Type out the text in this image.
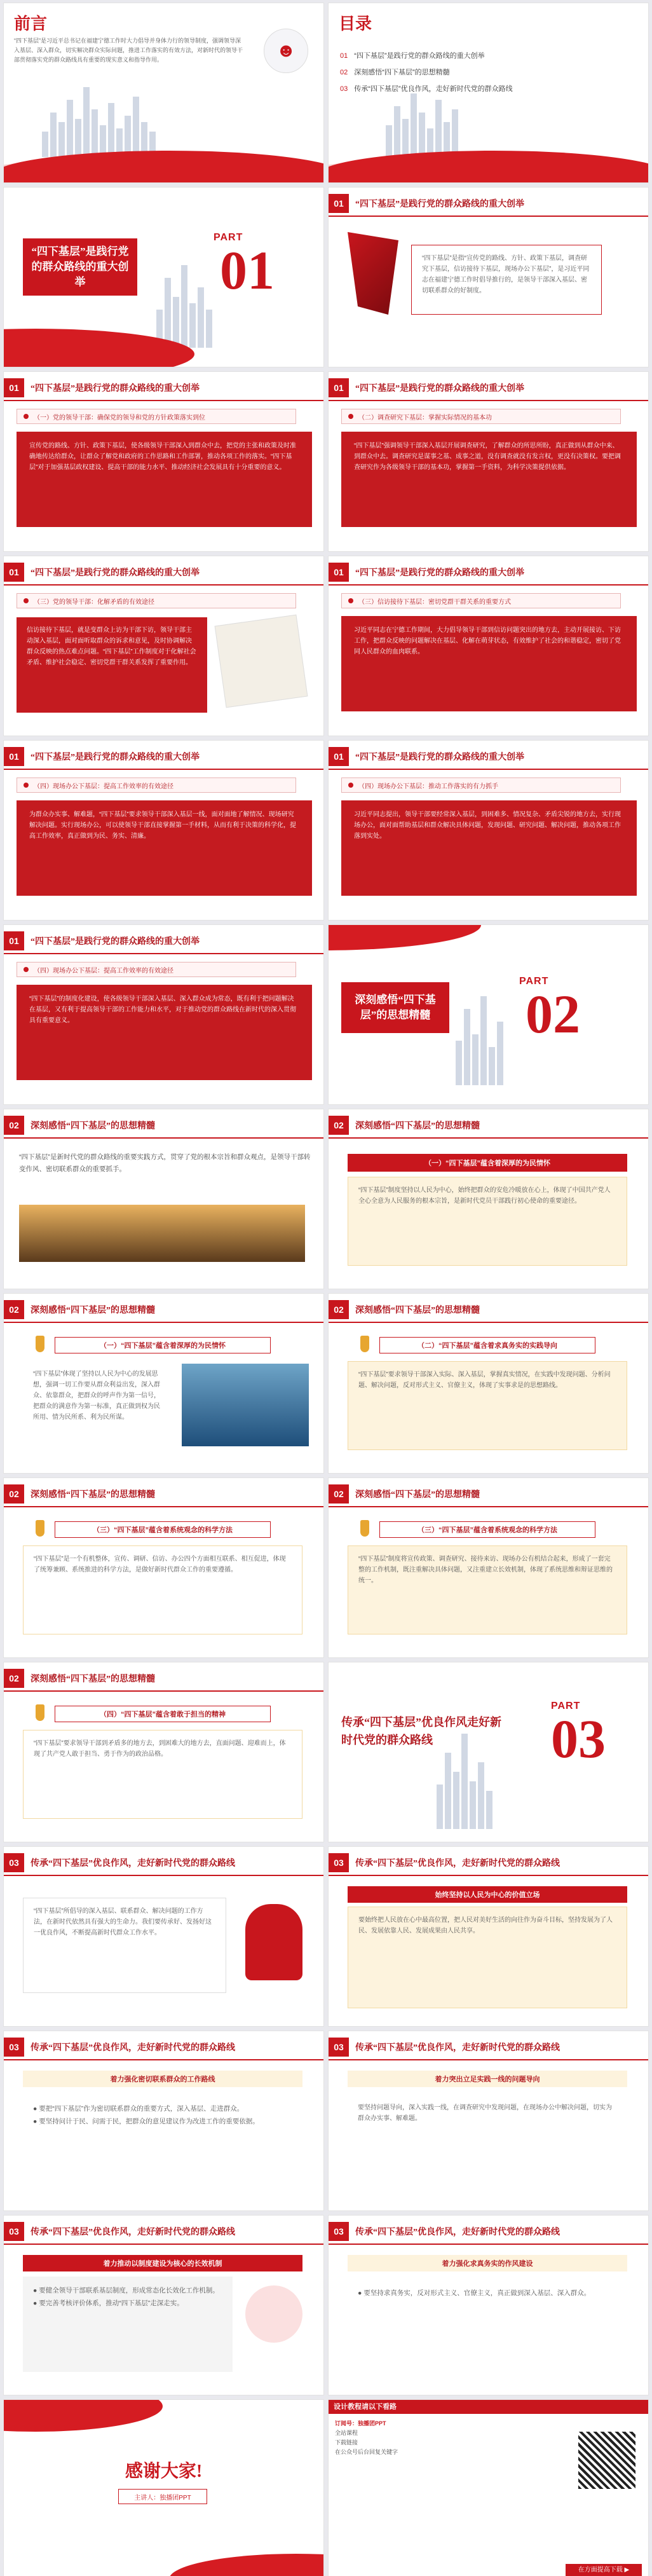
前言
“四下基层”是习近平总书记在福建宁德工作时大力倡导并身体力行的领导制度，强调领导深入基层、深入群众，切实解决群众实际问题，推进工作落实的有效方法，对新时代的领导干部贯彻落实党的群众路线具有重要的现实意义和指导作用。	☻
目录
01 “四下基层”是践行党的群众路线的重大创举
02 深刻感悟“四下基层”的思想精髓
03 传承“四下基层”优良作风，走好新时代党的群众路线
“四下基层”是践行党的群众路线的重大创举
PART
01
01	“四下基层”是践行党的群众路线的重大创举
“四下基层”是指“宣传党的路线、方针、政策下基层，调查研究下基层，信访接待下基层，现场办公下基层”，是习近平同志在福建宁德工作时倡导推行的，是领导干部深入基层、密切联系群众的好制度。
01	“四下基层”是践行党的群众路线的重大创举
（一）党的领导干部：确保党的领导和党的方针政策落实到位
宣传党的路线、方针、政策下基层，使各级领导干部深入到群众中去，把党的主张和政策及时准确地传达给群众，让群众了解党和政府的工作思路和工作部署，推动各项工作的落实。“四下基层”对于加强基层政权建设、提高干部的能力水平、推动经济社会发展具有十分重要的意义。
01	“四下基层”是践行党的群众路线的重大创举
（二）调查研究下基层：掌握实际情况的基本功
“四下基层”强调领导干部深入基层开展调查研究，了解群众的所思所盼，真正做到从群众中来、到群众中去。调查研究是谋事之基、成事之道，没有调查就没有发言权，更没有决策权。要把调查研究作为各级领导干部的基本功，掌握第一手资料，为科学决策提供依据。
01	“四下基层”是践行党的群众路线的重大创举
（三）党的领导干部：化解矛盾的有效途径
信访接待下基层，就是变群众上访为干部下访，领导干部主动深入基层，面对面听取群众的诉求和意见，及时协调解决群众反映的热点难点问题。“四下基层”工作制度对于化解社会矛盾、维护社会稳定、密切党群干群关系发挥了重要作用。
01	“四下基层”是践行党的群众路线的重大创举
（三）信访接待下基层：密切党群干群关系的重要方式
习近平同志在宁德工作期间，大力倡导领导干部到信访问题突出的地方去，主动开展接访、下访工作，把群众反映的问题解决在基层、化解在萌芽状态，有效维护了社会的和谐稳定，密切了党同人民群众的血肉联系。
01	“四下基层”是践行党的群众路线的重大创举
（四）现场办公下基层：提高工作效率的有效途径
为群众办实事、解难题，“四下基层”要求领导干部深入基层一线，面对面地了解情况、现场研究解决问题。实行现场办公，可以使领导干部直接掌握第一手材料，从而有利于决策的科学化，提高工作效率，真正做到为民、务实、清廉。
01	“四下基层”是践行党的群众路线的重大创举
（四）现场办公下基层：推动工作落实的有力抓手
习近平同志提出，领导干部要经常深入基层，到困难多、情况复杂、矛盾尖锐的地方去，实行现场办公，面对面帮助基层和群众解决具体问题，发现问题、研究问题、解决问题，推动各项工作落到实处。
01	“四下基层”是践行党的群众路线的重大创举
（四）现场办公下基层：提高工作效率的有效途径
“四下基层”的制度化建设，使各级领导干部深入基层、深入群众成为常态，既有利于把问题解决在基层，又有利于提高领导干部的工作能力和水平，对于推动党的群众路线在新时代的深入贯彻具有重要意义。
深刻感悟“四下基层”的思想精髓
PART
02
02	深刻感悟“四下基层”的思想精髓
“四下基层”是新时代党的群众路线的重要实践方式，贯穿了党的根本宗旨和群众观点，是领导干部转变作风、密切联系群众的重要抓手。
02	深刻感悟“四下基层”的思想精髓
（一）“四下基层”蕴含着深厚的为民情怀
“四下基层”制度坚持以人民为中心，始终把群众的安危冷暖放在心上，体现了中国共产党人全心全意为人民服务的根本宗旨，是新时代党员干部践行初心使命的重要途径。
02	深刻感悟“四下基层”的思想精髓
（一）“四下基层”蕴含着深厚的为民情怀
“四下基层”体现了坚持以人民为中心的发展思想，强调一切工作要从群众利益出发，深入群众、依靠群众，把群众的呼声作为第一信号，把群众的满意作为第一标准，真正做到权为民所用、情为民所系、利为民所谋。
02	深刻感悟“四下基层”的思想精髓
（二）“四下基层”蕴含着求真务实的实践导向
“四下基层”要求领导干部深入实际、深入基层，掌握真实情况，在实践中发现问题、分析问题、解决问题，反对形式主义、官僚主义，体现了实事求是的思想路线。
02	深刻感悟“四下基层”的思想精髓
（三）“四下基层”蕴含着系统观念的科学方法
“四下基层”是一个有机整体，宣传、调研、信访、办公四个方面相互联系、相互促进，体现了统筹兼顾、系统推进的科学方法，是做好新时代群众工作的重要遵循。
02	深刻感悟“四下基层”的思想精髓
（三）“四下基层”蕴含着系统观念的科学方法
“四下基层”制度将宣传政策、调查研究、接待来访、现场办公有机结合起来，形成了一套完整的工作机制，既注重解决具体问题，又注重建立长效机制，体现了系统思维和辩证思维的统一。
02	深刻感悟“四下基层”的思想精髓
（四）“四下基层”蕴含着敢于担当的精神
“四下基层”要求领导干部到矛盾多的地方去，到困难大的地方去，直面问题、迎难而上，体现了共产党人敢于担当、勇于作为的政治品格。
传承“四下基层”优良作风走好新时代党的群众路线
PART
03
03	传承“四下基层”优良作风，走好新时代党的群众路线
“四下基层”所倡导的深入基层、联系群众、解决问题的工作方法，在新时代依然具有强大的生命力。我们要传承好、发扬好这一优良作风，不断提高新时代群众工作水平。
03	传承“四下基层”优良作风，走好新时代党的群众路线
始终坚持以人民为中心的价值立场
要始终把人民放在心中最高位置，把人民对美好生活的向往作为奋斗目标，坚持发展为了人民、发展依靠人民、发展成果由人民共享。
03	传承“四下基层”优良作风，走好新时代党的群众路线
着力强化密切联系群众的工作路线
● 要把“四下基层”作为密切联系群众的重要方式，深入基层、走进群众。
● 要坚持问计于民、问需于民，把群众的意见建议作为改进工作的重要依据。
03	传承“四下基层”优良作风，走好新时代党的群众路线
着力突出立足实践一线的问题导向
要坚持问题导向，深入实践一线，在调查研究中发现问题，在现场办公中解决问题，切实为群众办实事、解难题。
03	传承“四下基层”优良作风，走好新时代党的群众路线
着力推动以制度建设为核心的长效机制
● 要健全领导干部联系基层制度，形成常态化长效化工作机制。
● 要完善考核评价体系，推动“四下基层”走深走实。
03	传承“四下基层”优良作风，走好新时代党的群众路线
着力强化求真务实的作风建设
● 要坚持求真务实，反对形式主义、官僚主义，真正做到深入基层、深入群众。
感谢大家!
主讲人：独播团PPT
设计教程请以下看路
订阅号：独播团PPT
全站课程
下载链接
在公众号后台回复关键字
在方面提高下载 ▶
